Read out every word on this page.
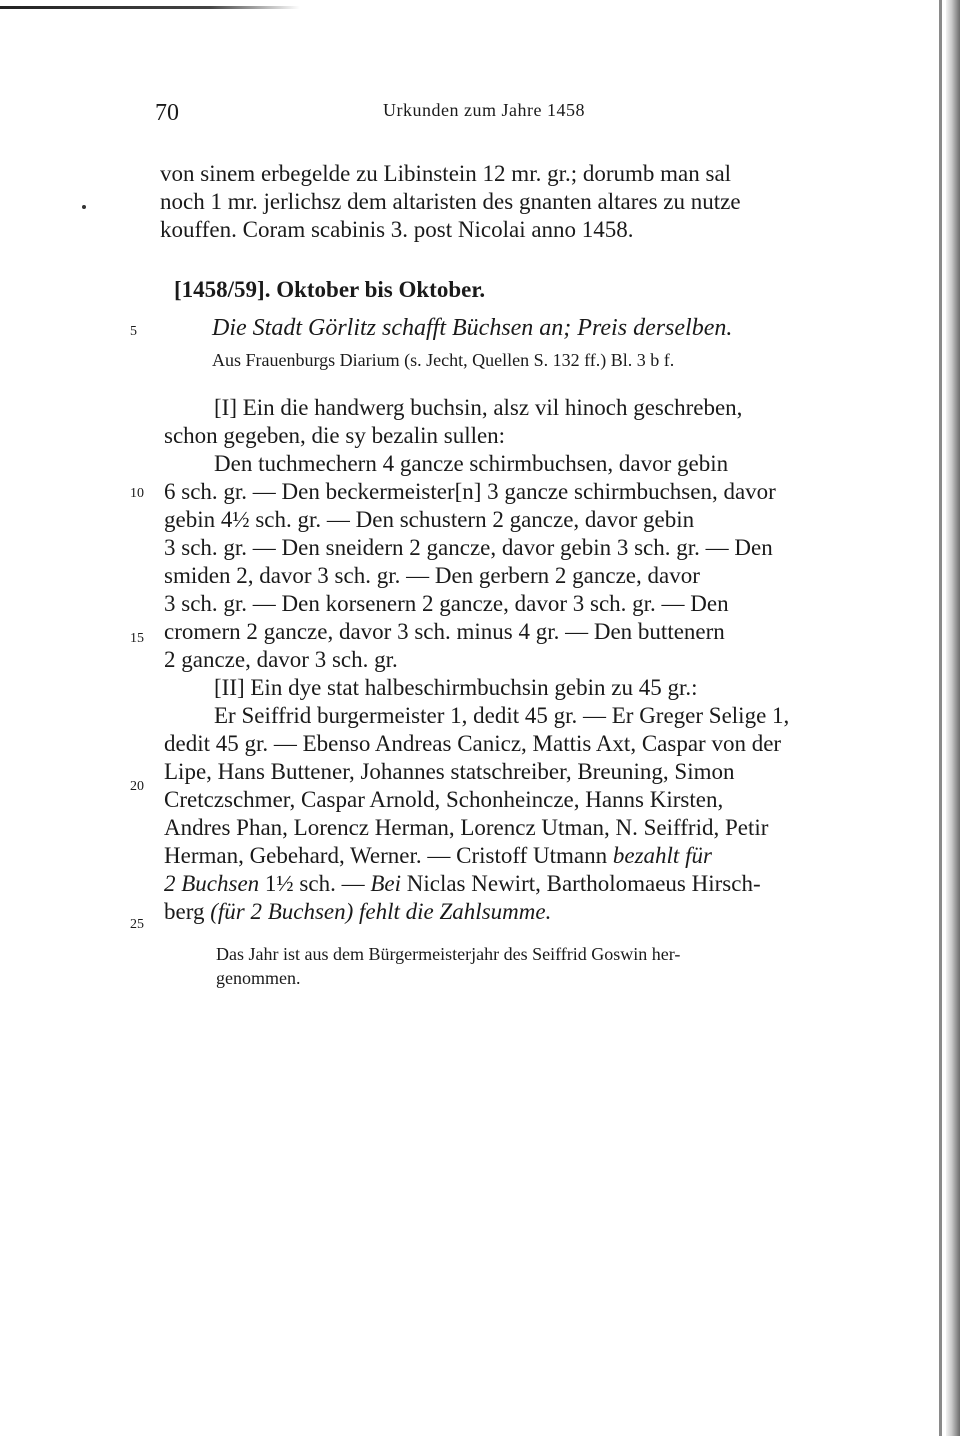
70	Urkunden zum Jahre 1458
5
10
15
20
25
von sinem erbegelde zu Libinstein 12 mr. gr.; dorumb man sal
noch 1 mr. jerlichsz dem altaristen des gnanten altares zu nutze
kouffen. Coram scabinis 3. post Nicolai anno 1458.
[1458/59]. Oktober bis Oktober.
Die Stadt Görlitz schafft Büchsen an; Preis derselben.
Aus Frauenburgs Diarium (s. Jecht, Quellen S. 132 ff.) Bl. 3 b f.
[I] Ein die handwerg buchsin, alsz vil hinoch geschreben,
schon gegeben, die sy bezalin sullen:
Den tuchmechern 4 gancze schirmbuchsen, davor gebin
6 sch. gr. — Den beckermeister[n] 3 gancze schirmbuchsen, davor
gebin 4½ sch. gr. — Den schustern 2 gancze, davor gebin
3 sch. gr. — Den sneidern 2 gancze, davor gebin 3 sch. gr. — Den
smiden 2, davor 3 sch. gr. — Den gerbern 2 gancze, davor
3 sch. gr. — Den korsenern 2 gancze, davor 3 sch. gr. — Den
cromern 2 gancze, davor 3 sch. minus 4 gr. — Den buttenern
2 gancze, davor 3 sch. gr.
[II] Ein dye stat halbeschirmbuchsin gebin zu 45 gr.:
Er Seiffrid burgermeister 1, dedit 45 gr. — Er Greger Selige 1,
dedit 45 gr. — Ebenso Andreas Canicz, Mattis Axt, Caspar von der
Lipe, Hans Buttener, Johannes statschreiber, Breuning, Simon
Cretczschmer, Caspar Arnold, Schonheincze, Hanns Kirsten,
Andres Phan, Lorencz Herman, Lorencz Utman, N. Seiffrid, Petir
Herman, Gebehard, Werner. — Cristoff Utmann bezahlt für
2 Buchsen 1½ sch. — Bei Niclas Newirt, Bartholomaeus Hirsch-
berg (für 2 Buchsen) fehlt die Zahlsumme.
Das Jahr ist aus dem Bürgermeisterjahr des Seiffrid Goswin her-
genommen.
